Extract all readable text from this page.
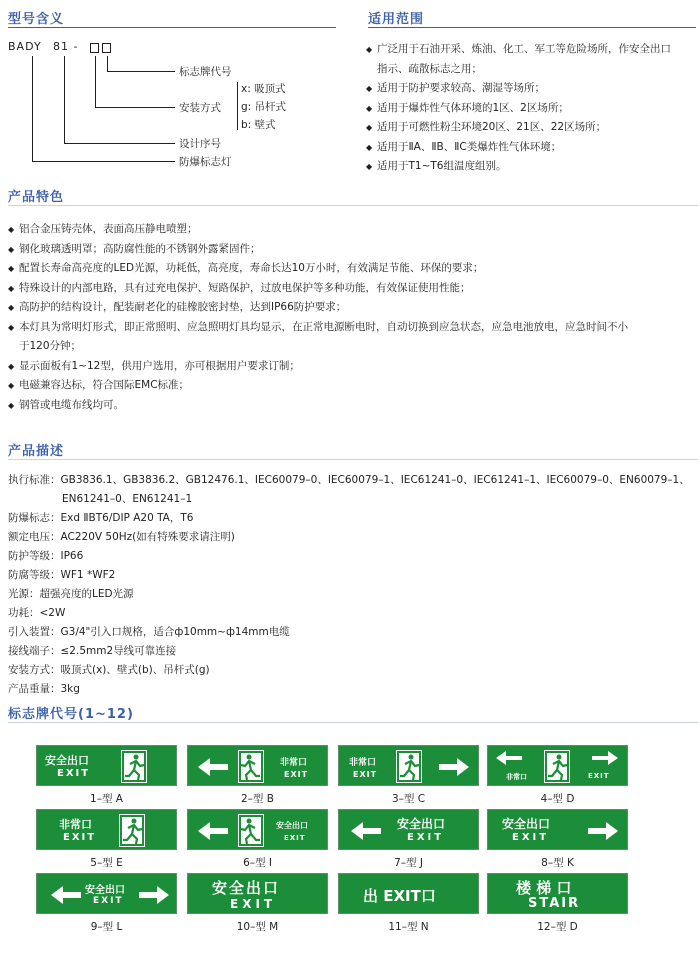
型号含义	适用范围
BADY 81 -
标志牌代号
安装方式
x: 吸顶式
g: 吊杆式
b: 壁式
设计序号
防爆标志灯
◆ 广泛用于石油开采、炼油、化工、军工等危险场所，作安全出口
指示、疏散标志之用；
◆ 适用于防护要求较高、潮湿等场所；
◆ 适用于爆炸性气体环境的1区、2区场所；
◆ 适用于可燃性粉尘环境20区、21区、22区场所；
◆ 适用于ⅡA、ⅡB、ⅡC类爆炸性气体环境；
◆ 适用于T1~T6组温度组别。
产品特色
◆ 铝合金压铸壳体，表面高压静电喷塑；
◆ 钢化玻璃透明罩；高防腐性能的不锈钢外露紧固件；
◆ 配置长寿命高亮度的LED光源，功耗低，高亮度，寿命长达10万小时，有效满足节能、环保的要求；
◆ 特殊设计的内部电路，具有过充电保护、短路保护，过放电保护等多种功能，有效保证使用性能；
◆ 高防护的结构设计，配装耐老化的硅橡胶密封垫，达到IP66防护要求；
◆ 本灯具为常明灯形式，即正常照明、应急照明灯具均显示，在正常电源断电时，自动切换到应急状态，应急电池放电，应急时间不小
于120分钟；
◆ 显示面板有1~12型，供用户选用，亦可根据用户要求订制；
◆ 电磁兼容达标，符合国际EMC标准；
◆ 钢管或电缆布线均可。
产品描述
执行标准：GB3836.1、GB3836.2、GB12476.1、IEC60079–0、IEC60079–1、IEC61241–0、IEC61241–1、IEC60079–0、EN60079–1、
EN61241–0、EN61241–1
防爆标志：Exd ⅡBT6/DIP A20 TA，T6
额定电压：AC220V 50Hz(如有特殊要求请注明)
防护等级：IP66
防腐等级：WF1 *WF2
光源：超强亮度的LED光源
功耗：<2W
引入装置：G3/4"引入口规格，适合ф10mm~ф14mm电缆
接线端子：≤2.5mm2导线可靠连接
安装方式：吸顶式(x)、壁式(b)、吊杆式(g)
产品重量：3kg
标志牌代号(1~12)
安全出口
EXIT
1–型 A
非常口
EXIT
2–型 B
非常口
EXIT
3–型 C
非常口	EXIT
4–型 D
非常口
EXIT
5–型 E
安全出口
EXIT
6–型 I
安全出口
EXIT
7–型 J
安全出口
EXIT
8–型 K
安全出口
EXIT
9–型 L
安全出口
EXIT
10–型 M
出 EXIT口
11–型 N
楼 梯 口
STAIR
12–型 D
